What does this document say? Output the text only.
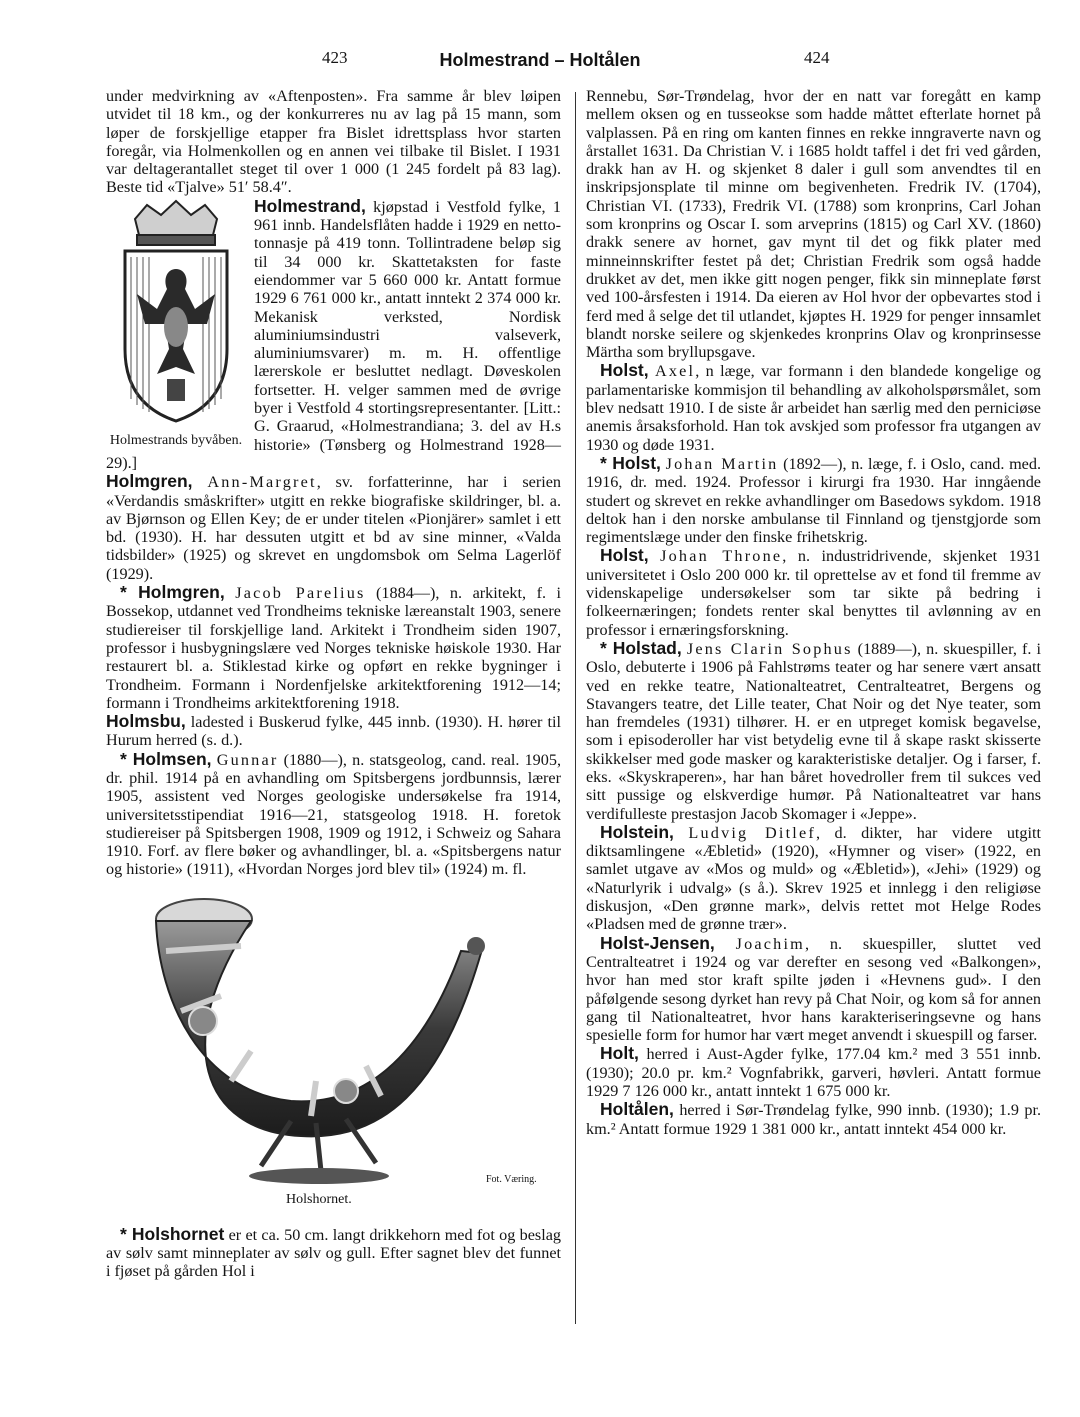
423	Holmestrand – Holtålen	424

under medvirkning av «Aftenposten». Fra samme år blev løipen utvidet til 18 km., og der konkurreres nu av lag på 15 mann, som løper de forskjellige etapper fra Bislet idrettsplass hvor starten foregår, via Holmenkollen og en annen vei tilbake til Bislet. I 1931 var deltagerantallet steget til over 1 000 (1 245 fordelt på 83 lag). Beste tid «Tjalve» 51′ 58.4″.

Holmestrands byvåben.

Holmestrand, kjøpstad i Vestfold fylke, 1 961 innb. Handelsflåten hadde i 1929 en netto-tonnasje på 419 tonn. Tollintradene beløp sig til 34 000 kr. Skattetaksten for faste eiendommer var 5 660 000 kr. Antatt formue 1929 6 761 000 kr., antatt inntekt 2 374 000 kr. Mekanisk verksted, Nordisk aluminiumsindustri valseverk, aluminiumsvarer) m. m. H. offentlige lærerskole er besluttet nedlagt. Døveskolen fortsetter. H. velger sammen med de øvrige byer i Vestfold 4 stortingsrepresentanter. [Litt.: G. Graarud, «Holmestrandiana; 3. del av H.s historie» (Tønsberg og Holmestrand 1928—29).]

Holmgren, Ann-Margret, sv. forfatterinne, har i serien «Verdandis småskrifter» utgitt en rekke biografiske skildringer, bl. a. av Bjørnson og Ellen Key; de er under titelen «Pionjärer» samlet i ett bd. (1930). H. har dessuten utgitt et bd av sine minner, «Valda tidsbilder» (1925) og skrevet en ungdomsbok om Selma Lagerlöf (1929).

* Holmgren, Jacob Parelius (1884—), n. arkitekt, f. i Bossekop, utdannet ved Trondheims tekniske læreanstalt 1903, senere studiereiser til forskjellige land. Arkitekt i Trondheim siden 1907, professor i husbygningslære ved Norges tekniske høiskole 1930. Har restaurert bl. a. Stiklestad kirke og opført en rekke bygninger i Trondheim. Formann i Nordenfjelske arkitektforening 1912—14; formann i Trondheims arkitektforening 1918.

Holmsbu, ladested i Buskerud fylke, 445 innb. (1930). H. hører til Hurum herred (s. d.).

* Holmsen, Gunnar (1880—), n. statsgeolog, cand. real. 1905, dr. phil. 1914 på en avhandling om Spitsbergens jordbunnsis, lærer 1905, assistent ved Norges geologiske undersøkelse fra 1914, universitetsstipendiat 1916—21, statsgeolog 1918. H. foretok studiereiser på Spitsbergen 1908, 1909 og 1912, i Schweiz og Sahara 1910. Forf. av flere bøker og avhandlinger, bl. a. «Spitsbergens natur og historie» (1911), «Hvordan Norges jord blev til» (1924) m. fl.

Fot. Væring.
Holshornet.

* Holshornet er et ca. 50 cm. langt drikkehorn med fot og beslag av sølv samt minneplater av sølv og gull. Efter sagnet blev det funnet i fjøset på gården Hol i

Rennebu, Sør-Trøndelag, hvor der en natt var foregått en kamp mellem oksen og en tusseokse som hadde måttet efterlate hornet på valplassen. På en ring om kanten finnes en rekke inngraverte navn og årstallet 1631. Da Christian V. i 1685 holdt taffel i det fri ved gården, drakk han av H. og skjenket 8 daler i gull som anvendtes til en inskripsjonsplate til minne om begivenheten. Fredrik IV. (1704), Christian VI. (1733), Fredrik VI. (1788) som kronprins, Carl Johan som kronprins og Oscar I. som arveprins (1815) og Carl XV. (1860) drakk senere av hornet, gav mynt til det og fikk plater med minneinnskrifter festet på det; Christian Fredrik som også hadde drukket av det, men ikke gitt nogen penger, fikk sin minneplate først ved 100-årsfesten i 1914. Da eieren av Hol hvor der opbevartes stod i ferd med å selge det til utlandet, kjøptes H. 1929 for penger innsamlet blandt norske seilere og skjenkedes kronprins Olav og kronprinsesse Märtha som bryllupsgave.

Holst, Axel, n læge, var formann i den blandede kongelige og parlamentariske kommisjon til behandling av alkoholspørsmålet, som blev nedsatt 1910. I de siste år arbeidet han særlig med den perniciøse anemis årsaksforhold. Han tok avskjed som professor fra utgangen av 1930 og døde 1931.

* Holst, Johan Martin (1892—), n. læge, f. i Oslo, cand. med. 1916, dr. med. 1924. Professor i kirurgi fra 1930. Har inngående studert og skrevet en rekke avhandlinger om Basedows sykdom. 1918 deltok han i den norske ambulanse til Finnland og tjenstgjorde som regimentslæge under den finske frihetskrig.

Holst, Johan Throne, n. industridrivende, skjenket 1931 universitetet i Oslo 200 000 kr. til oprettelse av et fond til fremme av videnskapelige undersøkelser som tar sikte på bedring i folkeernæringen; fondets renter skal benyttes til avlønning av en professor i ernæringsforskning.

* Holstad, Jens Clarin Sophus (1889—), n. skuespiller, f. i Oslo, debuterte i 1906 på Fahlstrøms teater og har senere vært ansatt ved en rekke teatre, Nationalteatret, Centralteatret, Bergens og Stavangers teatre, det Lille teater, Chat Noir og det Nye teater, som han fremdeles (1931) tilhører. H. er en utpreget komisk begavelse, som i episoderoller har vist betydelig evne til å skape raskt skisserte skikkelser med gode masker og karakteristiske detaljer. Og i farser, f. eks. «Skyskraperen», har han båret hovedroller frem til sukces ved sitt pussige og elskverdige humør. På Nationalteatret var hans verdifulleste prestasjon Jacob Skomager i «Jeppe».

Holstein, Ludvig Ditlef, d. dikter, har videre utgitt diktsamlingene «Æbletid» (1920), «Hymner og viser» (1922, en samlet utgave av «Mos og muld» og «Æbletid»), «Jehi» (1929) og «Naturlyrik i udvalg» (s å.). Skrev 1925 et innlegg i den religiøse diskusjon, «Den grønne mark», delvis rettet mot Helge Rodes «Pladsen med de grønne trær».

Holst-Jensen, Joachim, n. skuespiller, sluttet ved Centralteatret i 1924 og var derefter en sesong ved «Balkongen», hvor han med stor kraft spilte jøden i «Hevnens gud». I den påfølgende sesong dyrket han revy på Chat Noir, og kom så for annen gang til Nationalteatret, hvor hans karakteriseringsevne og hans spesielle form for humor har vært meget anvendt i skuespill og farser.

Holt, herred i Aust-Agder fylke, 177.04 km.² med 3 551 innb. (1930); 20.0 pr. km.² Vognfabrikk, garveri, høvleri. Antatt formue 1929 7 126 000 kr., antatt inntekt 1 675 000 kr.

Holtålen, herred i Sør-Trøndelag fylke, 990 innb. (1930); 1.9 pr. km.² Antatt formue 1929 1 381 000 kr., antatt inntekt 454 000 kr.
